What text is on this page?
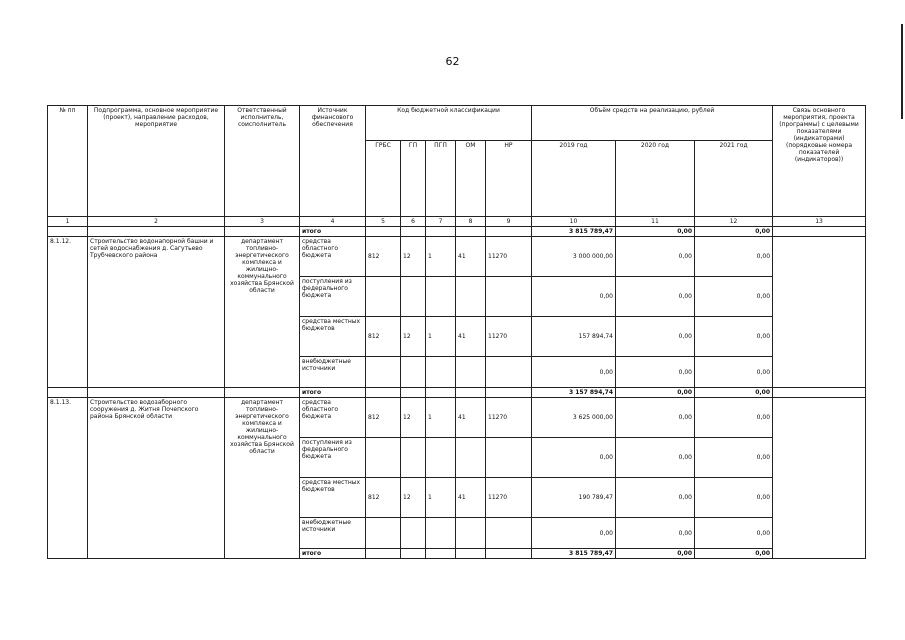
62
№ пп	Подпрограмма, основное мероприятие (проект), направление расходов, мероприятие	Ответственный исполнитель, соисполнитель	Источник финансового обеспечения	Код бюджетной классификации					Объём средств на реализацию, рублей			Связь основного мероприятия, проекта (программы) с целевыми показателями (индикаторами) (порядковые номера показателей (индикаторов))
				ГРБС	ГП	ПГП	ОМ	НР	2019 год	2020 год	2021 год	
1	2	3	4	5	6	7	8	9	10	11	12	13
			итого						3 815 789,47	0,00	0,00	
8.1.12.	Строительство водонапорной башни и сетей водоснабжения д. Сагутьево Трубчевского района	департамент топливно-энергетического комплекса и жилищно-коммунального хозяйства Брянской области	средства областного бюджета	812	12	1	41	11270	3 000 000,00	0,00	0,00	
			поступления из федерального бюджета						0,00	0,00	0,00	
			средства местных бюджетов	812	12	1	41	11270	157 894,74	0,00	0,00	
			внебюджетные источники						0,00	0,00	0,00	
			итого						3 157 894,74	0,00	0,00	
8.1.13.	Строительство водозаборного сооружения д. Житня Почепского района Брянской области	департамент топливно-энергетического комплекса и жилищно-коммунального хозяйства Брянской области	средства областного бюджета	812	12	1	41	11270	3 625 000,00	0,00	0,00	
			поступления из федерального бюджета						0,00	0,00	0,00	
			средства местных бюджетов	812	12	1	41	11270	190 789,47	0,00	0,00	
			внебюджетные источники						0,00	0,00	0,00	
			итого						3 815 789,47	0,00	0,00	
